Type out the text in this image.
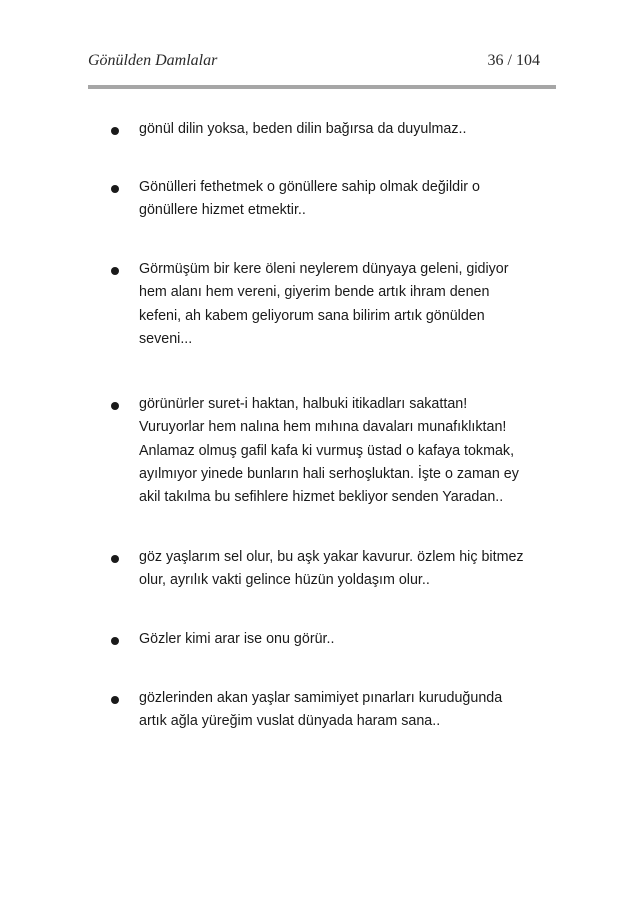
Gönülden Damlalar	36 / 104

gönül dilin yoksa, beden dilin bağırsa da duyulmaz..

Gönülleri fethetmek o gönüllere sahip olmak değildir o
gönüllere hizmet etmektir..

Görmüşüm bir kere öleni neylerem dünyaya geleni, gidiyor
hem alanı hem vereni, giyerim bende artık ihram denen
kefeni, ah kabem geliyorum sana bilirim artık gönülden
seveni...

görünürler suret-i haktan, halbuki itikadları sakattan!
Vuruyorlar hem nalına hem mıhına davaları munafıklıktan!
Anlamaz olmuş gafil kafa ki vurmuş üstad o kafaya tokmak,
ayılmıyor yinede bunların hali serhoşluktan. İşte o zaman ey
akil takılma bu sefihlere hizmet bekliyor senden Yaradan..

göz yaşlarım sel olur, bu aşk yakar kavurur. özlem hiç bitmez
olur, ayrılık vakti gelince hüzün yoldaşım olur..

Gözler kimi arar ise onu görür..

gözlerinden akan yaşlar samimiyet pınarları kuruduğunda
artık ağla yüreğim vuslat dünyada haram sana..
